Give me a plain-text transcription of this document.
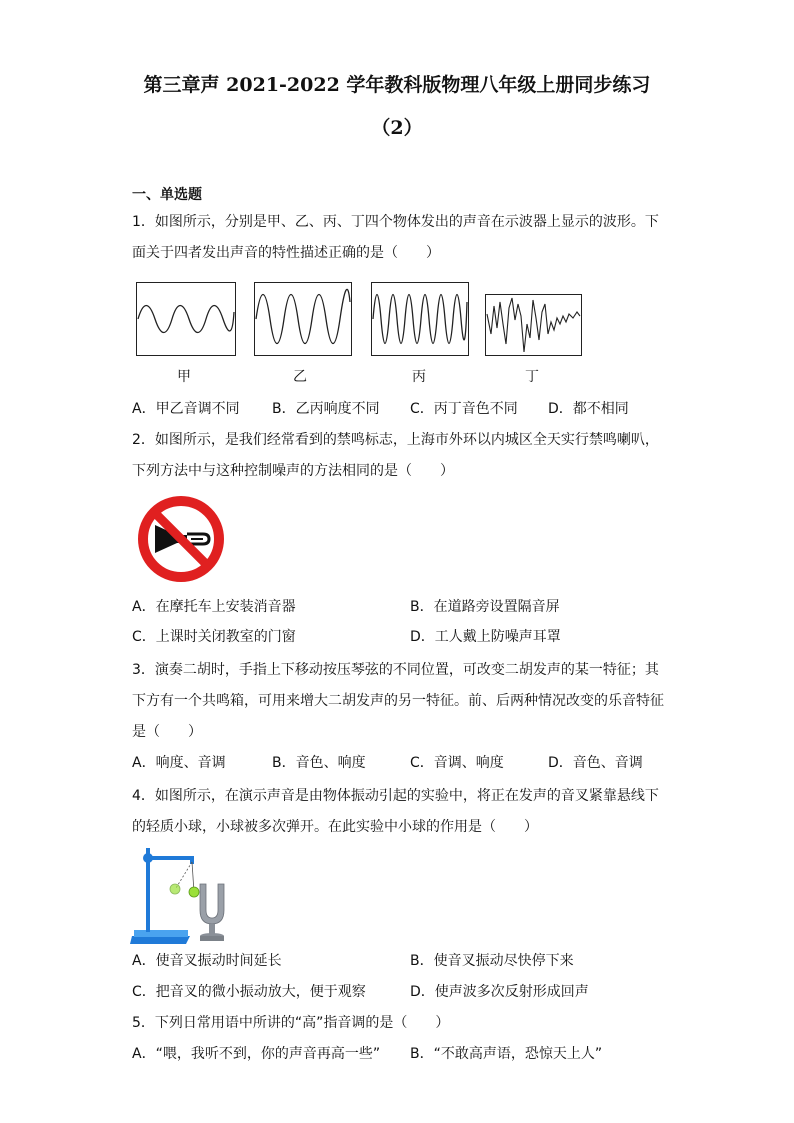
第三章声 2021-2022 学年教科版物理八年级上册同步练习
（2）
一、单选题
1．如图所示，分别是甲、乙、丙、丁四个物体发出的声音在示波器上显示的波形。下
面关于四者发出声音的特性描述正确的是（　　）
甲	乙	丙	丁
A．甲乙音调不同 B．乙丙响度不同 C．丙丁音色不同 D．都不相同
2．如图所示，是我们经常看到的禁鸣标志，上海市外环以内城区全天实行禁鸣喇叭，
下列方法中与这种控制噪声的方法相同的是（　　）
A．在摩托车上安装消音器	B．在道路旁设置隔音屏
C．上课时关闭教室的门窗	D．工人戴上防噪声耳罩
3．演奏二胡时，手指上下移动按压琴弦的不同位置，可改变二胡发声的某一特征；其
下方有一个共鸣箱，可用来增大二胡发声的另一特征。前、后两种情况改变的乐音特征
是（　　）
A．响度、音调	B．音色、响度	C．音调、响度	D．音色、音调
4．如图所示，在演示声音是由物体振动引起的实验中，将正在发声的音叉紧靠悬线下
的轻质小球，小球被多次弹开。在此实验中小球的作用是（　　）
A．使音叉振动时间延长	B．使音叉振动尽快停下来
C．把音叉的微小振动放大，便于观察	D．使声波多次反射形成回声
5．下列日常用语中所讲的“高”指音调的是（　　）
A．“喂，我听不到，你的声音再高一些” B．“不敢高声语，恐惊天上人”
